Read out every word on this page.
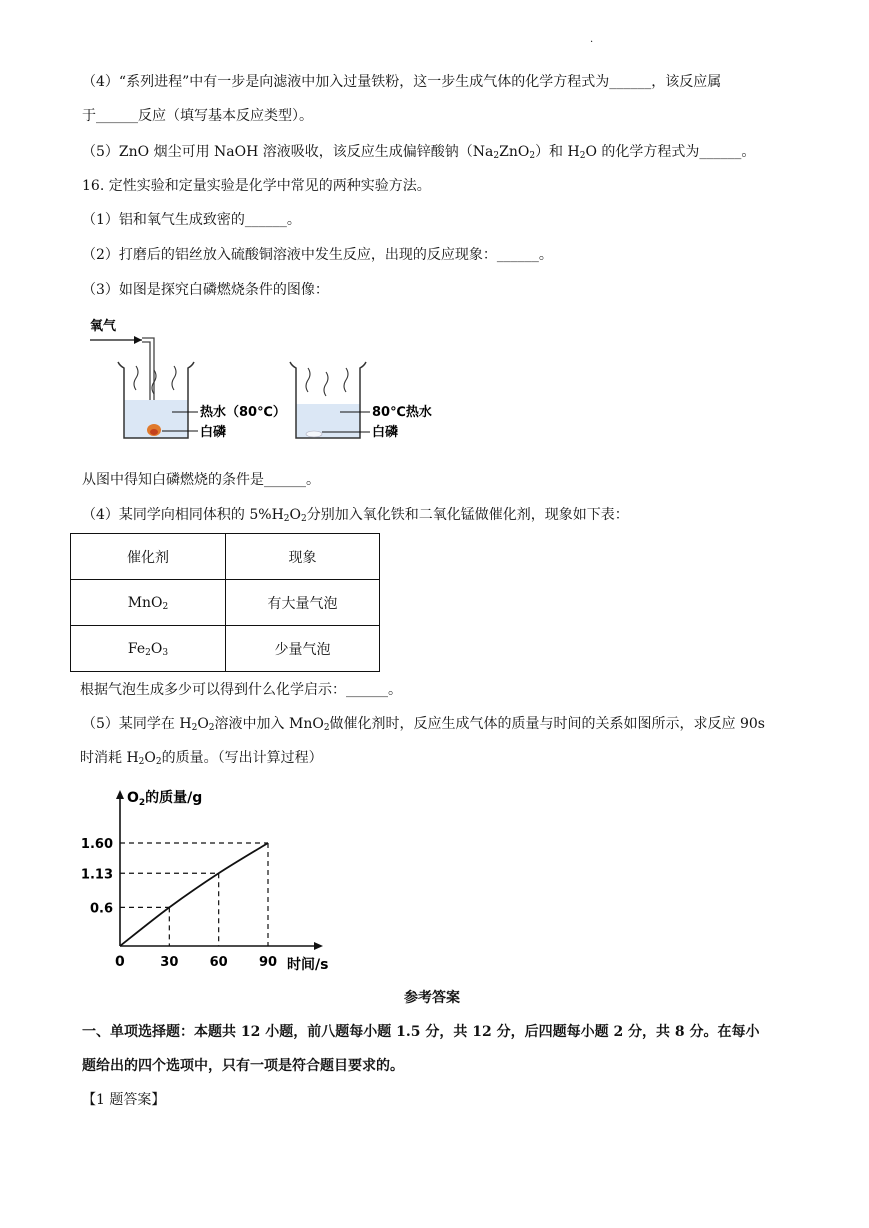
.
（4）“系列进程”中有一步是向滤液中加入过量铁粉，这一步生成气体的化学方程式为______，该反应属
于______反应（填写基本反应类型）。
（5）ZnO 烟尘可用 NaOH 溶液吸收，该反应生成偏锌酸钠$(Na_2ZnO_2)$和 $H_2O$ 的化学方程式为______。
16. 定性实验和定量实验是化学中常见的两种实验方法。
（1）铝和氧气生成致密的______。
（2）打磨后的铝丝放入硫酸铜溶液中发生反应，出现的反应现象：______。
（3）如图是探究白磷燃烧条件的图像：
氧气
热水（80℃）
白磷
80℃热水
白磷
从图中得知白磷燃烧的条件是______。
（4）某同学向相同体积的 $5\%H_2O_2$分别加入氧化铁和二氧化锰做催化剂，现象如下表：
催化剂	现象
MnO$_2$	有大量气泡
$Fe_2O_3$	少量气泡
根据气泡生成多少可以得到什么化学启示：______。
（5）某同学在 $H_2O_2$溶液中加入 MnO$_2$做催化剂时，反应生成气体的质量与时间的关系如图所示，求反应 90s
时消耗 $H_2O_2$的质量。（写出计算过程）
$O_2$的质量/g
时间/s
0
0.6
1.13
1.60
30 60 90
参考答案
一、单项选择题：本题共 12 小题，前八题每小题 1.5 分，共 12 分，后四题每小题 2 分，共 8 分。在每小
题给出的四个选项中，只有一项是符合题目要求的。
【1 题答案】
